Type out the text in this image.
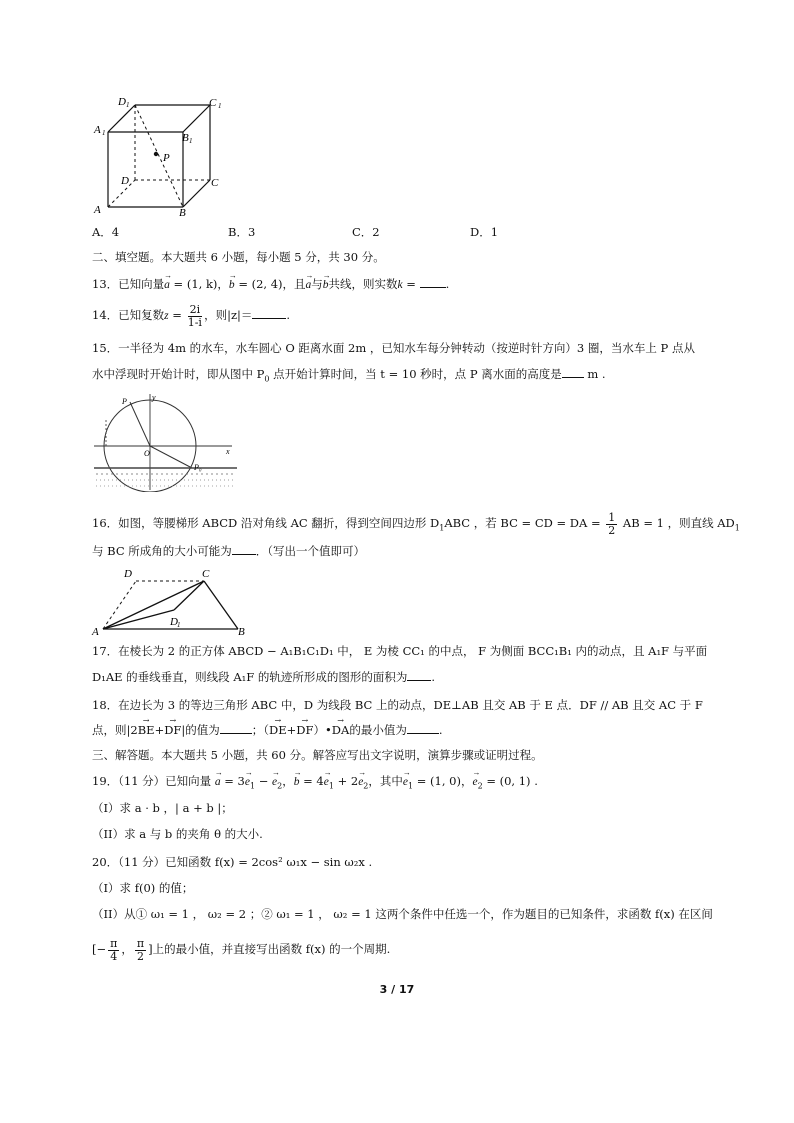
D 1	C 1
A 1	B 1
P
D	C
A	B
A．4	B．3	C．2	D．1
二、填空题。本大题共 6 小题，每小题 5 分，共 30 分。
13．已知向量→ a = (1, k)，→ b = (2, 4)，且→ a与→ b共线，则实数k = .
14．已知复数$z = \frac{2i}{1-i}$ ，则|z|＝	.
15．一半径为 4m 的水车，水车圆心 O 距离水面 2m ，已知水车每分钟转动（按逆时针方向）3 圈，当水车上 P 点从
水中浮现时开始计时，即从图中 $P_0$ 点开始计算时间，当 t = 10 秒时，点 P 离水面的高度是 m .
P
O
y
x
P₀
16．如图，等腰梯形 ABCD 沿对角线 AC 翻折，得到空间四边形 $D_1ABC$ ，若 BC = CD = DA = $\frac{1}{2}$ AB = 1 ，则直线 $AD_1$
与 BC 所成角的大小可能为 ．（写出一个值即可）
D	C
D 1
A	B
17．在棱长为 2 的正方体 ABCD − A₁B₁C₁D₁ 中， E 为棱 CC₁ 的中点， F 为侧面 BCC₁B₁ 内的动点，且 A₁F 与平面
D₁AE 的垂线垂直，则线段 A₁F 的轨迹所形成的图形的面积为 .
18．在边长为 3 的等边三角形 ABC 中，D 为线段 BC 上的动点，DE⊥AB 且交 AB 于 E 点．DF // AB 且交 AC 于 F
点，则|2→ BE+→ DF|的值为	；（→ DE+→ DF）•→ DA的最小值为	.
三、解答题。本大题共 5 小题，共 60 分。解答应写出文字说明，演算步骤或证明过程。
19．（11 分）已知向量 → $a = 3\to e_1$ − → $e_2$，→ $b = 4\to e_1 + 2\to e_2$，其中→ $e_1 = (1$, 0)，→ $e_2 = (0$, 1) .
（I）求 a · b ，| a + b |；
（II）求 a 与 b 的夹角 θ 的大小.
20．（11 分）已知函数 f(x) = 2cos² ω₁x − sin ω₂x .
（I）求 f(0) 的值；
（II）从① ω₁ = 1 ， ω₂ = 2 ；② ω₁ = 1 ， ω₂ = 1 这两个条件中任选一个，作为题目的已知条件，求函数 f(x) 在区间
[− $\frac{\pi}{4}$ ， $\frac{\pi}{2}$ ]上的最小值，并直接写出函数 f(x) 的一个周期.
3 / 17
